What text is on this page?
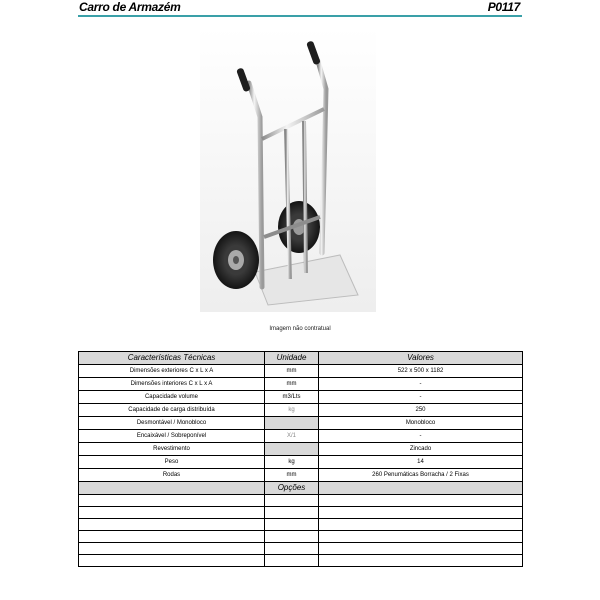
Carro de Armazém	P0117
Imagem não contratual
Características Técnicas	Unidade	Valores
Dimensões exteriores C x L x A	mm	522 x 500 x 1182
Dimensões interiores C x L x A	mm	-
Capacidade volume	m3/Lts	-
Capacidade de carga distribuída	kg	250
Desmontável / Monobloco		Monobloco
Encaixável / Sobreponível	X/1	-
Revestimento		Zincado
Peso	kg	14
Rodas	mm	260 Penumáticas Borracha / 2 Fixas
	Opções	
